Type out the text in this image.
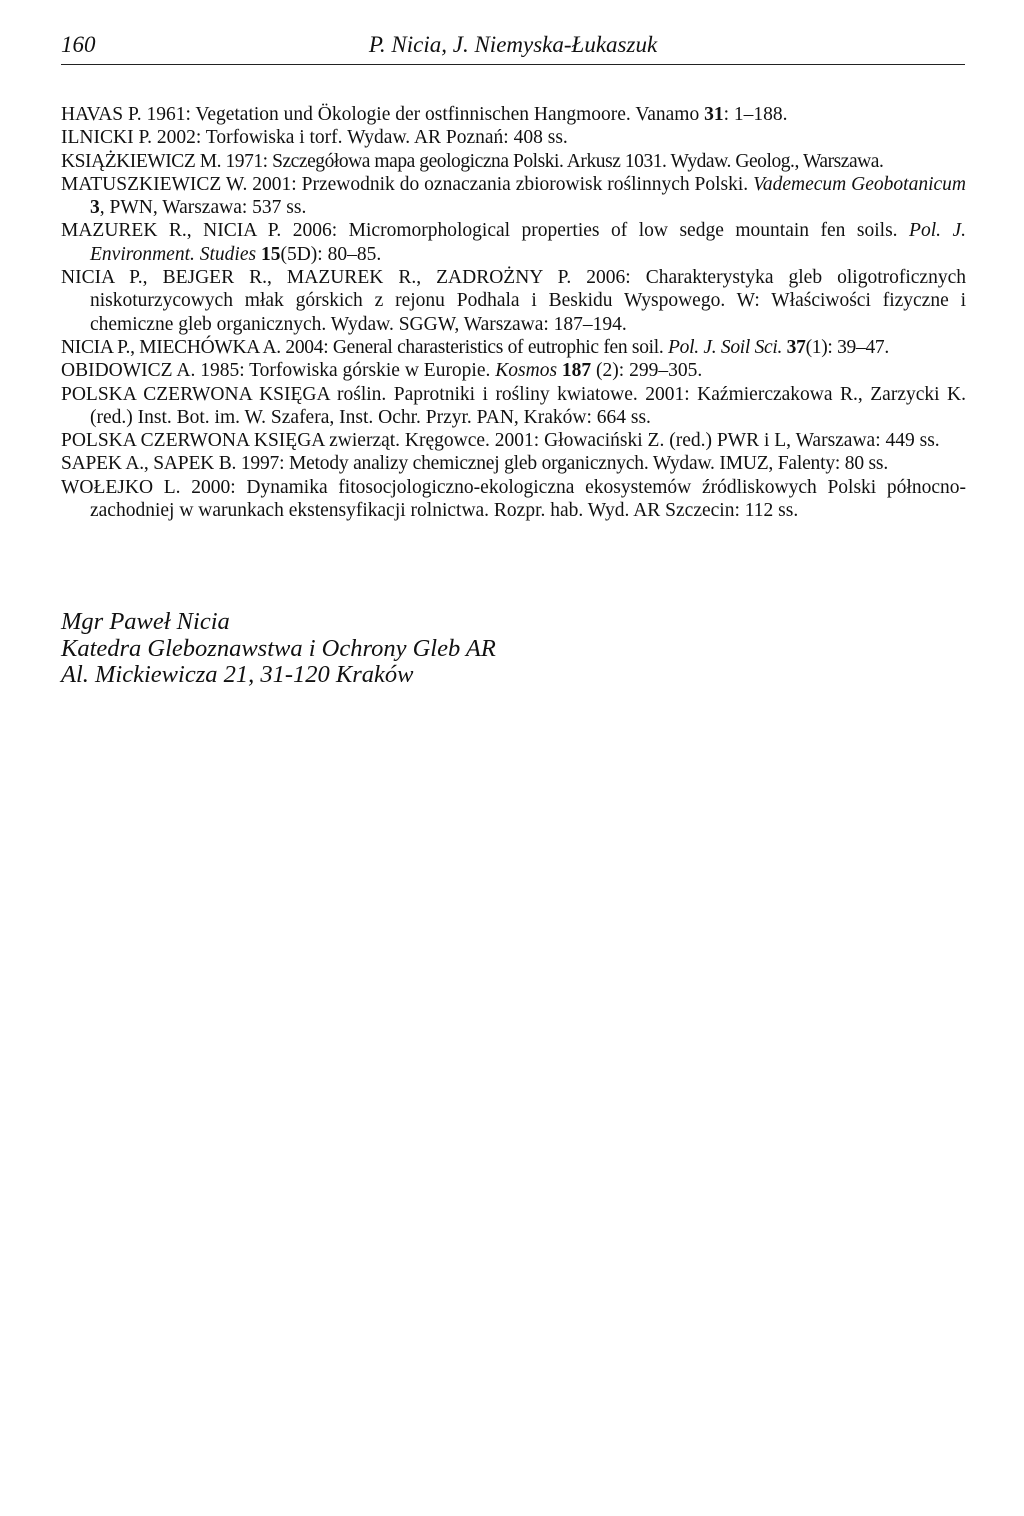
160	P. Nicia, J. Niemyska-Łukaszuk

HAVAS P. 1961: Vegetation und Ökologie der ostfinnischen Hangmoore. Vanamo 31: 1–188.

ILNICKI P. 2002: Torfowiska i torf. Wydaw. AR Poznań: 408 ss.

KSIĄŻKIEWICZ M. 1971: Szczegółowa mapa geologiczna Polski. Arkusz 1031. Wydaw. Geolog., Warszawa.

MATUSZKIEWICZ W. 2001: Przewodnik do oznaczania zbiorowisk roślinnych Polski. Vademecum Geobotanicum 3, PWN, Warszawa: 537 ss.

MAZUREK R., NICIA P. 2006: Micromorphological properties of low sedge mountain fen soils. Pol. J. Environment. Studies 15(5D): 80–85.

NICIA P., BEJGER R., MAZUREK R., ZADROŻNY P. 2006: Charakterystyka gleb oligotroficznych niskoturzycowych młak górskich z rejonu Podhala i Beskidu Wyspowego. W: Właściwości fizyczne i chemiczne gleb organicznych. Wydaw. SGGW, Warszawa: 187–194.

NICIA P., MIECHÓWKA A. 2004: General charasteristics of eutrophic fen soil. Pol. J. Soil Sci. 37(1): 39–47.

OBIDOWICZ A. 1985: Torfowiska górskie w Europie. Kosmos 187 (2): 299–305.

POLSKA CZERWONA KSIĘGA roślin. Paprotniki i rośliny kwiatowe. 2001: Kaźmierczakowa R., Zarzycki K. (red.) Inst. Bot. im. W. Szafera, Inst. Ochr. Przyr. PAN, Kraków: 664 ss.

POLSKA CZERWONA KSIĘGA zwierząt. Kręgowce. 2001: Głowaciński Z. (red.) PWR i L, Warszawa: 449 ss.

SAPEK A., SAPEK B. 1997: Metody analizy chemicznej gleb organicznych. Wydaw. IMUZ, Falenty: 80 ss.

WOŁEJKO L. 2000: Dynamika fitosocjologiczno-ekologiczna ekosystemów źródliskowych Polski północno-zachodniej w warunkach ekstensyfikacji rolnictwa. Rozpr. hab. Wyd. AR Szczecin: 112 ss.

Mgr Paweł Nicia
Katedra Gleboznawstwa i Ochrony Gleb AR
Al. Mickiewicza 21, 31-120 Kraków
